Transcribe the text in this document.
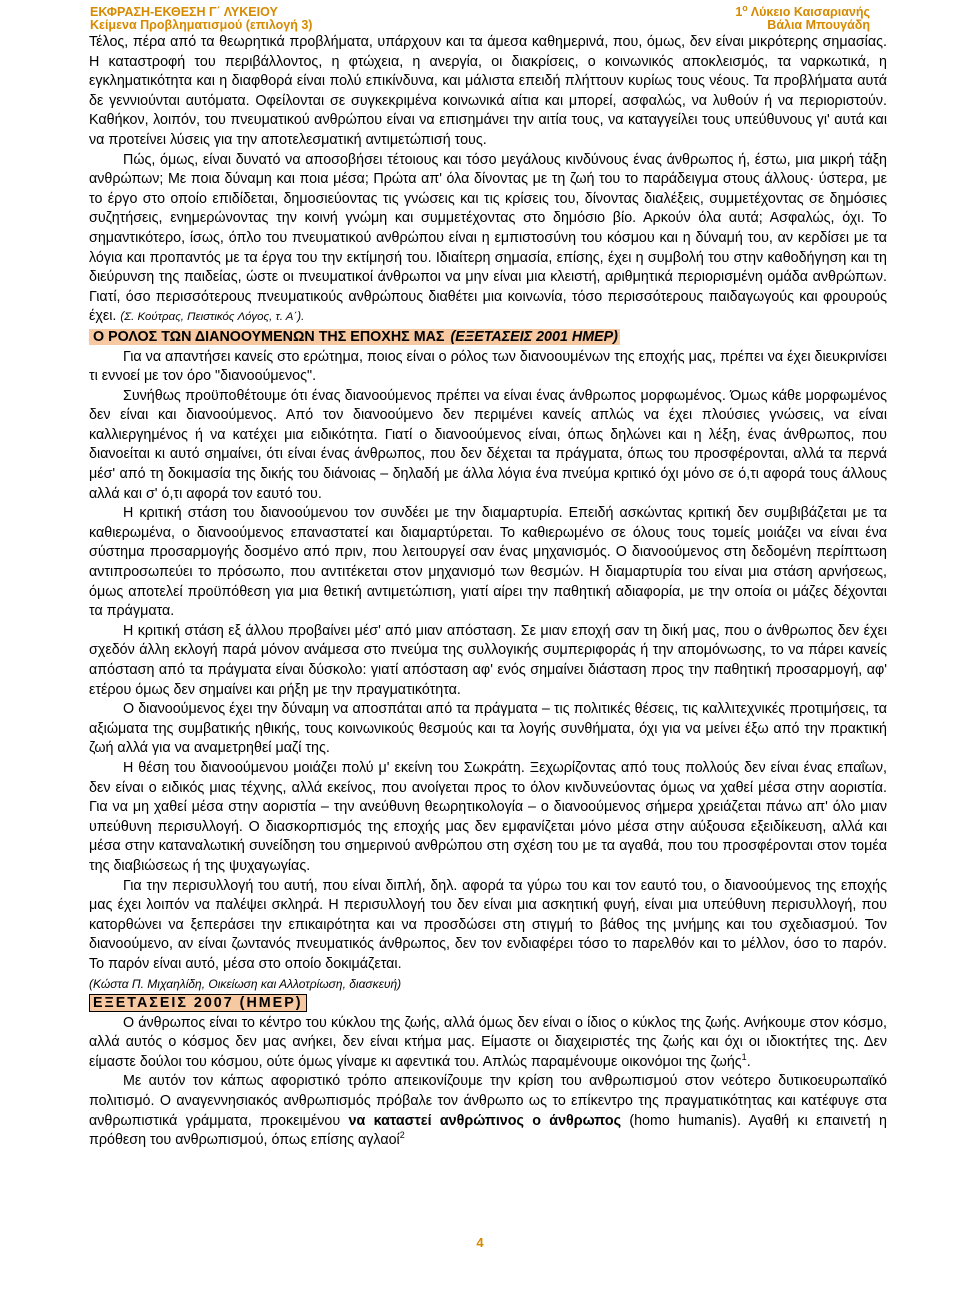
ΕΚΦΡΑΣΗ-ΕΚΘΕΣΗ Γ΄ ΛΥΚΕΙΟΥ	$1^o$ Λύκειο Καισαριανής
Κείμενα Προβληματισμού (επιλογή 3)	Βάλια Μπουγάδη

Τέλος, πέρα από τα θεωρητικά προβλήματα, υπάρχουν και τα άμεσα καθημερινά, που, όμως, δεν είναι μικρότερης σημασίας. Η καταστροφή του περιβάλλοντος, η φτώχεια, η ανεργία, οι διακρίσεις, ο κοινωνικός αποκλεισμός, τα ναρκωτικά, η εγκληματικότητα και η διαφθορά είναι πολύ επικίνδυνα, και μάλιστα επειδή πλήττουν κυρίως τους νέους. Τα προβλήματα αυτά δε γεννιούνται αυτόματα. Οφείλονται σε συγκεκριμένα κοινωνικά αίτια και μπορεί, ασφαλώς, να λυθούν ή να περιοριστούν. Καθήκον, λοιπόν, του πνευματικού ανθρώπου είναι να επισημάνει την αιτία τους, να καταγγείλει τους υπεύθυνους γι' αυτά και να προτείνει λύσεις για την αποτελεσματική αντιμετώπισή τους.

Πώς, όμως, είναι δυνατό να αποσοβήσει τέτοιους και τόσο μεγάλους κινδύνους ένας άνθρωπος ή, έστω, μια μικρή τάξη ανθρώπων; Με ποια δύναμη και ποια μέσα; Πρώτα απ' όλα δίνοντας με τη ζωή του το παράδειγμα στους άλλους· ύστερα, με το έργο στο οποίο επιδίδεται, δημοσιεύοντας τις γνώσεις και τις κρίσεις του, δίνοντας διαλέξεις, συμμετέχοντας σε δημόσιες συζητήσεις, ενημερώνοντας την κοινή γνώμη και συμμετέχοντας στο δημόσιο βίο. Αρκούν όλα αυτά; Ασφαλώς, όχι. Το σημαντικότερο, ίσως, όπλο του πνευματικού ανθρώπου είναι η εμπιστοσύνη του κόσμου και η δύναμή του, αν κερδίσει με τα λόγια και προπαντός με τα έργα του την εκτίμησή του. Ιδιαίτερη σημασία, επίσης, έχει η συμβολή του στην καθοδήγηση και τη διεύρυνση της παιδείας, ώστε οι πνευματικοί άνθρωποι να μην είναι μια κλειστή, αριθμητικά περιορισμένη ομάδα ανθρώπων. Γιατί, όσο περισσότερους πνευματικούς ανθρώπους διαθέτει μια κοινωνία, τόσο περισσότερους παιδαγωγούς και φρουρούς έχει. (Σ. Κούτρας, Πειστικός Λόγος, τ. Α΄).

Ο ΡΟΛΟΣ ΤΩΝ ΔΙΑΝΟΟΥΜΕΝΩΝ ΤΗΣ ΕΠΟΧΗΣ ΜΑΣ (ΕΞΕΤΑΣΕΙΣ 2001 ΗΜΕΡ)

Για να απαντήσει κανείς στο ερώτημα, ποιος είναι ο ρόλος των διανοουμένων της εποχής μας, πρέπει να έχει διευκρινίσει τι εννοεί με τον όρο "διανοούμενος".

Συνήθως προϋποθέτουμε ότι ένας διανοούμενος πρέπει να είναι ένας άνθρωπος μορφωμένος. Όμως κάθε μορφωμένος δεν είναι και διανοούμενος. Από τον διανοούμενο δεν περιμένει κανείς απλώς να έχει πλούσιες γνώσεις, να είναι καλλιεργημένος ή να κατέχει μια ειδικότητα. Γιατί ο διανοούμενος είναι, όπως δηλώνει και η λέξη, ένας άνθρωπος, που διανοείται κι αυτό σημαίνει, ότι είναι ένας άνθρωπος, που δεν δέχεται τα πράγματα, όπως του προσφέρονται, αλλά τα περνά μέσ' από τη δοκιμασία της δικής του διάνοιας – δηλαδή με άλλα λόγια ένα πνεύμα κριτικό όχι μόνο σε ό,τι αφορά τους άλλους αλλά και σ' ό,τι αφορά τον εαυτό του.

Η κριτική στάση του διανοούμενου τον συνδέει με την διαμαρτυρία. Επειδή ασκώντας κριτική δεν συμβιβάζεται με τα καθιερωμένα, ο διανοούμενος επαναστατεί και διαμαρτύρεται. Το καθιερωμένο σε όλους τους τομείς μοιάζει να είναι ένα σύστημα προσαρμογής δοσμένο από πριν, που λειτουργεί σαν ένας μηχανισμός. Ο διανοούμενος στη δεδομένη περίπτωση αντιπροσωπεύει το πρόσωπο, που αντιτέκεται στον μηχανισμό των θεσμών. Η διαμαρτυρία του είναι μια στάση αρνήσεως, όμως αποτελεί προϋπόθεση για μια θετική αντιμετώπιση, γιατί αίρει την παθητική αδιαφορία, με την οποία οι μάζες δέχονται τα πράγματα.

Η κριτική στάση εξ άλλου προβαίνει μέσ' από μιαν απόσταση. Σε μιαν εποχή σαν τη δική μας, που ο άνθρωπος δεν έχει σχεδόν άλλη εκλογή παρά μόνον ανάμεσα στο πνεύμα της συλλογικής συμπεριφοράς ή την απομόνωσης, το να πάρει κανείς απόσταση από τα πράγματα είναι δύσκολο: γιατί απόσταση αφ' ενός σημαίνει διάσταση προς την παθητική προσαρμογή, αφ' ετέρου όμως δεν σημαίνει και ρήξη με την πραγματικότητα.

Ο διανοούμενος έχει την δύναμη να αποσπάται από τα πράγματα – τις πολιτικές θέσεις, τις καλλιτεχνικές προτιμήσεις, τα αξιώματα της συμβατικής ηθικής, τους κοινωνικούς θεσμούς και τα λογής συνθήματα, όχι για να μείνει έξω από την πρακτική ζωή αλλά για να αναμετρηθεί μαζί της.

Η θέση του διανοούμενου μοιάζει πολύ μ' εκείνη του Σωκράτη. Ξεχωρίζοντας από τους πολλούς δεν είναι ένας επαΐων, δεν είναι ο ειδικός μιας τέχνης, αλλά εκείνος, που ανοίγεται προς το όλον κινδυνεύοντας όμως να χαθεί μέσα στην αοριστία. Για να μη χαθεί μέσα στην αοριστία – την ανεύθυνη θεωρητικολογία – ο διανοούμενος σήμερα χρειάζεται πάνω απ' όλο μιαν υπεύθυνη περισυλλογή. Ο διασκορπισμός της εποχής μας δεν εμφανίζεται μόνο μέσα στην αύξουσα εξειδίκευση, αλλά και μέσα στην καταναλωτική συνείδηση του σημερινού ανθρώπου στη σχέση του με τα αγαθά, που του προσφέρονται στον τομέα της διαβιώσεως ή της ψυχαγωγίας.

Για την περισυλλογή του αυτή, που είναι διπλή, δηλ. αφορά τα γύρω του και τον εαυτό του, ο διανοούμενος της εποχής μας έχει λοιπόν να παλέψει σκληρά. Η περισυλλογή του δεν είναι μια ασκητική φυγή, είναι μια υπεύθυνη περισυλλογή, που κατορθώνει να ξεπεράσει την επικαιρότητα και να προσδώσει στη στιγμή το βάθος της μνήμης και του σχεδιασμού. Τον διανοούμενο, αν είναι ζωντανός πνευματικός άνθρωπος, δεν τον ενδιαφέρει τόσο το παρελθόν και το μέλλον, όσο το παρόν. Το παρόν είναι αυτό, μέσα στο οποίο δοκιμάζεται.

(Κώστα Π. Μιχαηλίδη, Οικείωση και Αλλοτρίωση, διασκευή)

ΕΞΕΤΑΣΕΙΣ 2007 (ΗΜΕΡ)

Ο άνθρωπος είναι το κέντρο του κύκλου της ζωής, αλλά όμως δεν είναι ο ίδιος ο κύκλος της ζωής. Ανήκουμε στον κόσμο, αλλά αυτός ο κόσμος δεν μας ανήκει, δεν είναι κτήμα μας. Είμαστε οι διαχειριστές της ζωής και όχι οι ιδιοκτήτες της. Δεν είμαστε δούλοι του κόσμου, ούτε όμως γίναμε κι αφεντικά του. Απλώς παραμένουμε οικονόμοι της ζωής$^1$.

Με αυτόν τον κάπως αφοριστικό τρόπο απεικονίζουμε την κρίση του ανθρωπισμού στον νεότερο δυτικοευρωπαϊκό πολιτισμό. Ο αναγεννησιακός ανθρωπισμός πρόβαλε τον άνθρωπο ως το επίκεντρο της πραγματικότητας και κατέφυγε στα ανθρωπιστικά γράμματα, προκειμένου να καταστεί ανθρώπινος ο άνθρωπος (homo humanis). Αγαθή κι επαινετή η πρόθεση του ανθρωπισμού, όπως επίσης αγλαοί$^2$

4
